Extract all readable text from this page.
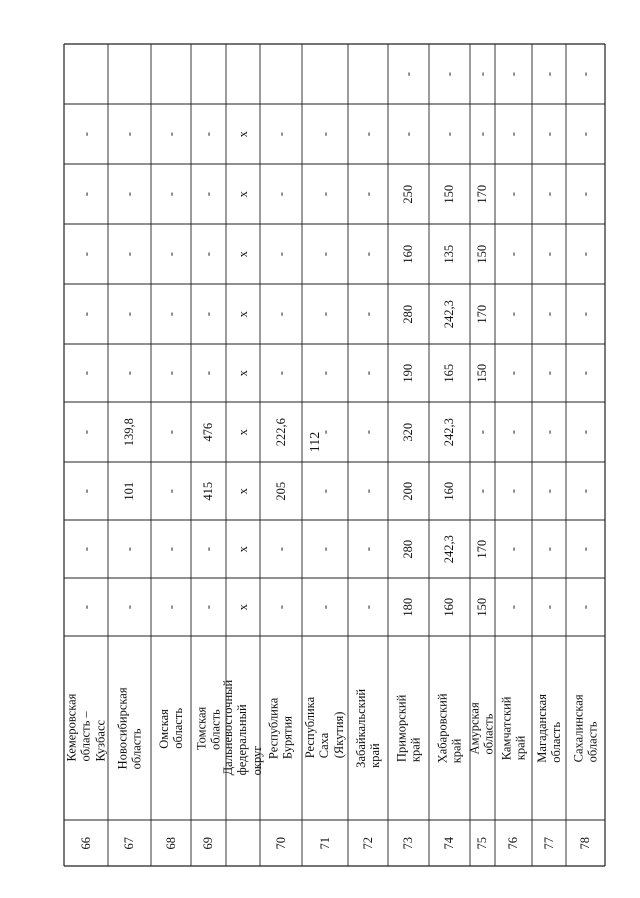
112
66
Кемеровская область –
Кузбасс
-
-
-
-
-
-
-
-
-
67
Новосибирская область
-
-
101
139,8
-
-
-
-
-
68
Омская область
-
-
-
-
-
-
-
-
-
69
Томская область
-
-
415
476
-
-
-
-
-
Дальневосточный федеральный
округ
x
x
x
x
x
x
x
x
x
70
Республика Бурятия
-
-
205
222,6
-
-
-
-
-
71
Республика Саха
(Якутия)
-
-
-
-
-
-
-
-
-
72
Забайкальский край
-
-
-
-
-
-
-
-
-
73
Приморский край
180
280
200
320
190
280
160
250
-
-
74
Хабаровский край
160
242,3
160
242,3
165
242,3
135
150
-
-
75
Амурская область
150
170
-
-
150
170
150
170
-
-
76
Камчатский край
-
-
-
-
-
-
-
-
-
-
77
Магаданская область
-
-
-
-
-
-
-
-
-
-
78
Сахалинская область
-
-
-
-
-
-
-
-
-
-
